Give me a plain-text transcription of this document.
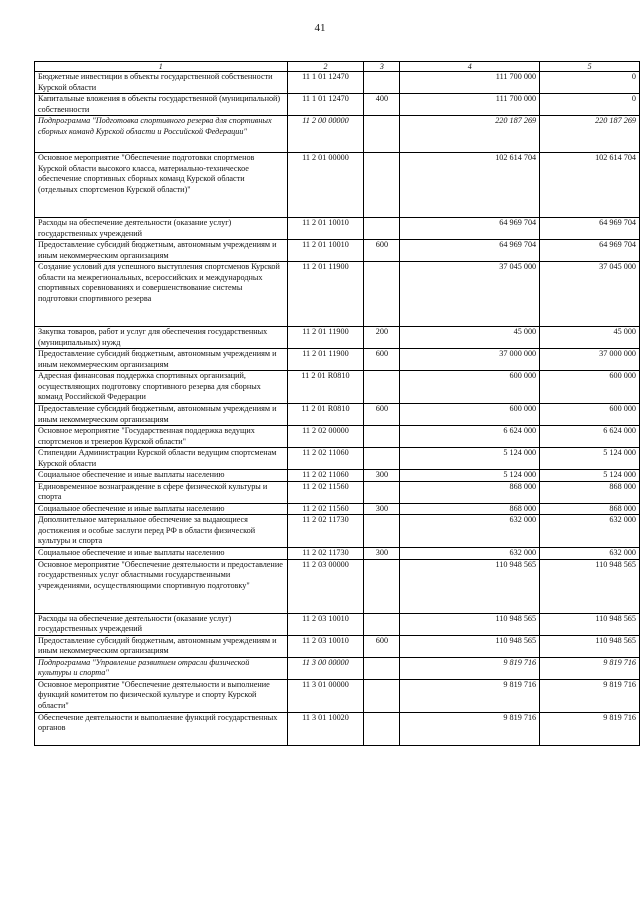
41
1	2	3	4	5
Бюджетные инвестиции в объекты государственной собственности Курской области	11 1 01 12470		111 700 000	0
Капитальные вложения в объекты государственной (муниципальной) собственности	11 1 01 12470	400	111 700 000	0
Подпрограмма "Подготовка спортивного резерва для спортивных сборных команд Курской области и Российской Федерации"	11 2 00 00000		220 187 269	220 187 269
Основное мероприятие "Обеспечение подготовки спортменов Курской области высокого класса, материально-техническое обеспечение спортивных сборных команд Курской области (отдельных спортсменов Курской области)"	11 2 01 00000		102 614 704	102 614 704
Расходы на обеспечение деятельности (оказание услуг) государственных учреждений	11 2 01 10010		64 969 704	64 969 704
Предоставление субсидий бюджетным, автономным учреждениям и иным некоммерческим организациям	11 2 01 10010	600	64 969 704	64 969 704
Создание условий для успешного выступления спортсменов Курской области на межрегиональных, всероссийских и международных спортивных соревнованиях и совершенствование системы подготовки спортивного резерва	11 2 01 11900		37 045 000	37 045 000
Закупка товаров, работ и услуг для обеспечения государственных (муниципальных) нужд	11 2 01 11900	200	45 000	45 000
Предоставление субсидий бюджетным, автономным учреждениям и иным некоммерческим организациям	11 2 01 11900	600	37 000 000	37 000 000
Адресная финансовая поддержка спортивных организаций, осуществляющих подготовку спортивного резерва для сборных команд Российской Федерации	11 2 01 R0810		600 000	600 000
Предоставление субсидий бюджетным, автономным учреждениям и иным некоммерческим организациям	11 2 01 R0810	600	600 000	600 000
Основное мероприятие "Государственная поддержка ведущих спортсменов и тренеров Курской области"	11 2 02 00000		6 624 000	6 624 000
Стипендии Администрации Курской области ведущим спортсменам Курской области	11 2 02 11060		5 124 000	5 124 000
Социальное обеспечение и иные выплаты населению	11 2 02 11060	300	5 124 000	5 124 000
Единовременное вознаграждение в сфере физической культуры и спорта	11 2 02 11560		868 000	868 000
Социальное обеспечение и иные выплаты населению	11 2 02 11560	300	868 000	868 000
Дополнительное материальное обеспечение за выдающиеся достижения и особые заслуги перед РФ в области физической культуры и спорта	11 2 02 11730		632 000	632 000
Социальное обеспечение и иные выплаты населению	11 2 02 11730	300	632 000	632 000
Основное мероприятие "Обеспечение деятельности и предоставление государственных услуг областными государственными учреждениями, осуществляющими спортивную подготовку"	11 2 03 00000		110 948 565	110 948 565
Расходы на обеспечение деятельности (оказание услуг) государственных учреждений	11 2 03 10010		110 948 565	110 948 565
Предоставление субсидий бюджетным, автономным учреждениям и иным некоммерческим организациям	11 2 03 10010	600	110 948 565	110 948 565
Подпрограмма "Управление развитием отрасли физической культуры и спорта"	11 3 00 00000		9 819 716	9 819 716
Основное мероприятие "Обеспечение деятельности и выполнение функций комитетом по физической культуре и спорту Курской области"	11 3 01 00000		9 819 716	9 819 716
Обеспечение деятельности и выполнение функций государственных органов	11 3 01 10020		9 819 716	9 819 716
